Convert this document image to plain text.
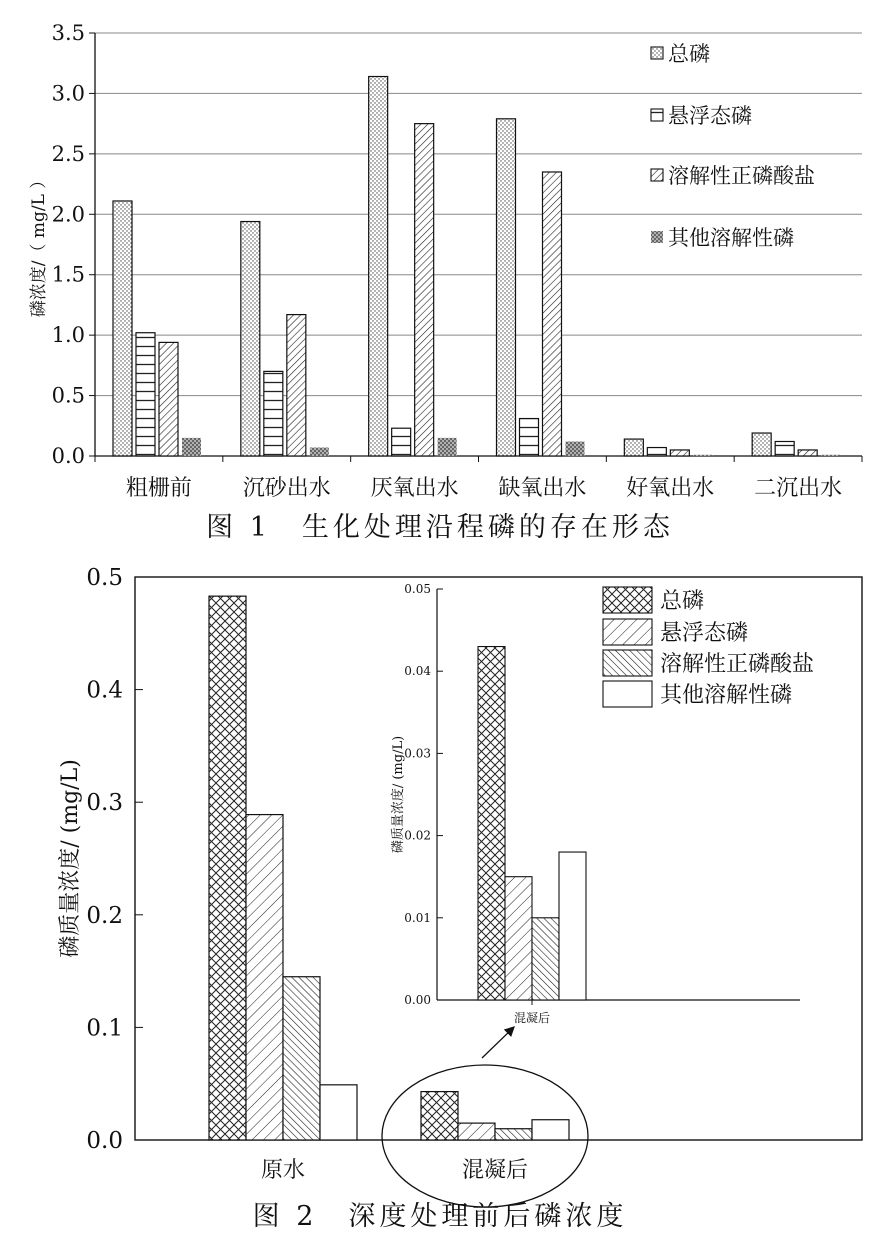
0.0
0.5
1.0
1.5
2.0
2.5
3.0
3.5
磷浓度/（ mg/L ）
粗栅前 沉砂出水 厌氧出水 缺氧出水 好氧出水 二沉出水
总磷
悬浮态磷
溶解性正磷酸盐
其他溶解性磷
0.0
0.1
0.2
0.3
0.4
0.5
磷质量浓度/ (mg/L)
原水	混凝后
0.00
0.01
0.02
0.03
0.04
0.05
磷质量浓度/ (mg/L)
混凝后
总磷
悬浮态磷
溶解性正磷酸盐
其他溶解性磷
图 1　生化处理沿程磷的存在形态
图 2　深度处理前后磷浓度
